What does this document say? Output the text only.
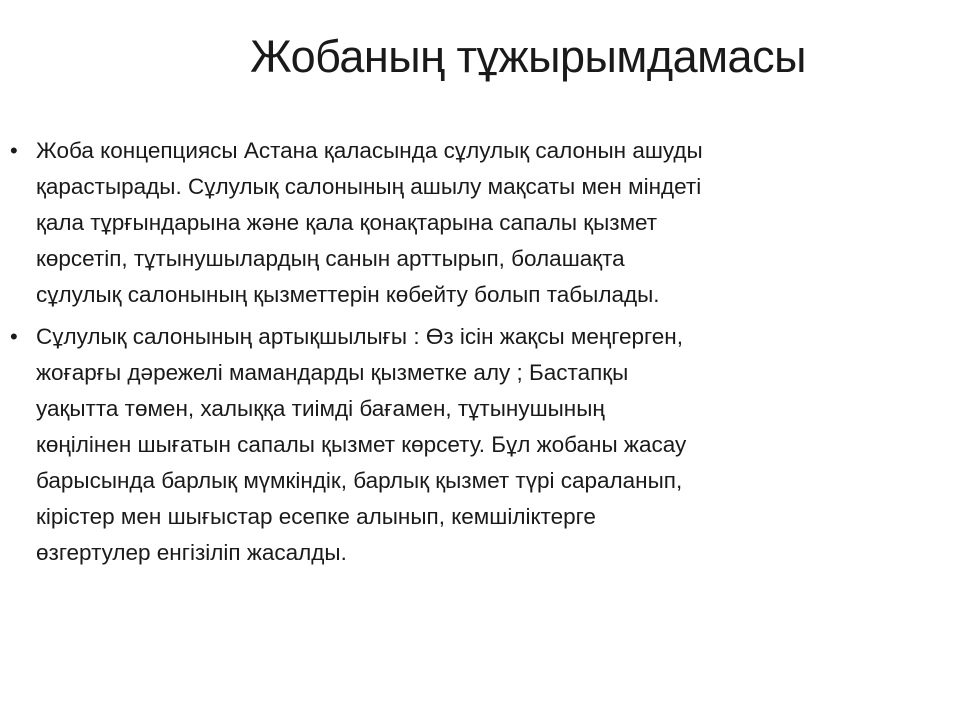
Жобаның тұжырымдамасы
• Жоба концепциясы Астана қаласында сұлулық салонын ашуды
қарастырады. Сұлулық салонының ашылу мақсаты мен міндеті
қала тұрғындарына және қала қонақтарына сапалы қызмет
көрсетіп, тұтынушылардың санын арттырып, болашақта
сұлулық салонының қызметтерін көбейту болып табылады.
• Сұлулық салонының артықшылығы : Өз ісін жақсы меңгерген,
жоғарғы дәрежелі мамандарды қызметке алу ; Бастапқы
уақытта төмен, халыққа тиімді бағамен, тұтынушының
көңілінен шығатын сапалы қызмет көрсету. Бұл жобаны жасау
барысында барлық мүмкіндік, барлық қызмет түрі сараланып,
кірістер мен шығыстар есепке алынып, кемшіліктерге
өзгертулер енгізіліп жасалды.
